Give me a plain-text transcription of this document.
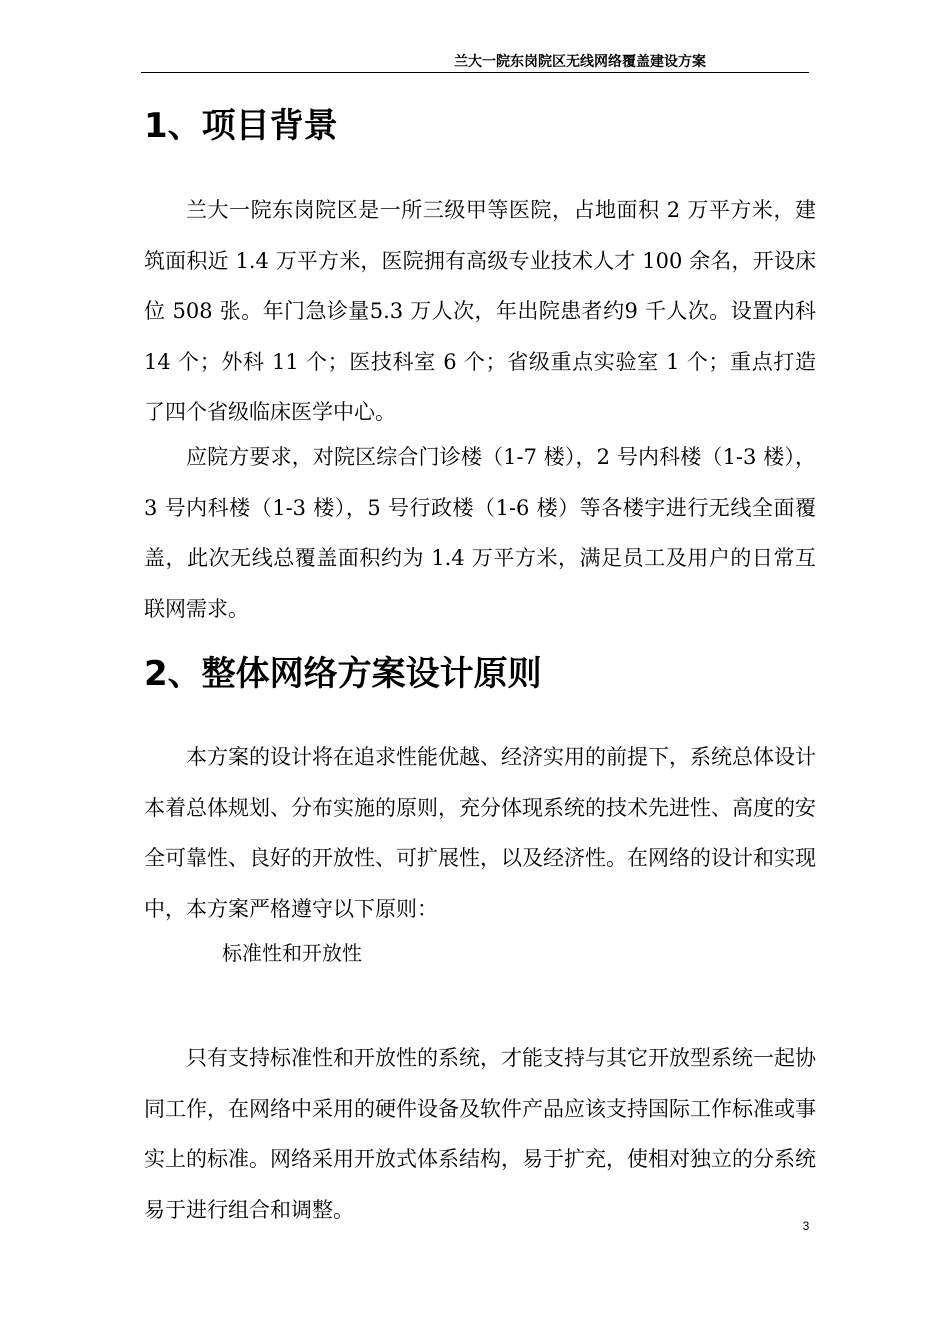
兰大一院东岗院区无线网络覆盖建设方案
1、项目背景

兰大一院东岗院区是一所三级甲等医院，占地面积 2 万平方米，建筑面积近 1.4 万平方米，医院拥有高级专业技术人才 100 余名，开设床位 508 张。年门急诊量5.3 万人次，年出院患者约9 千人次。设置内科 14 个；外科 11 个；医技科室 6 个；省级重点实验室 1 个；重点打造了四个省级临床医学中心。

应院方要求，对院区综合门诊楼（1-7 楼），2 号内科楼（1-3 楼），3 号内科楼（1-3 楼），5 号行政楼（1-6 楼）等各楼宇进行无线全面覆盖，此次无线总覆盖面积约为 1.4 万平方米，满足员工及用户的日常互联网需求。

2、整体网络方案设计原则

本方案的设计将在追求性能优越、经济实用的前提下，系统总体设计本着总体规划、分布实施的原则，充分体现系统的技术先进性、高度的安全可靠性、良好的开放性、可扩展性，以及经济性。在网络的设计和实现中，本方案严格遵守以下原则：

标准性和开放性

只有支持标准性和开放性的系统，才能支持与其它开放型系统一起协同工作，在网络中采用的硬件设备及软件产品应该支持国际工作标准或事实上的标准。网络采用开放式体系结构，易于扩充，使相对独立的分系统易于进行组合和调整。

3
